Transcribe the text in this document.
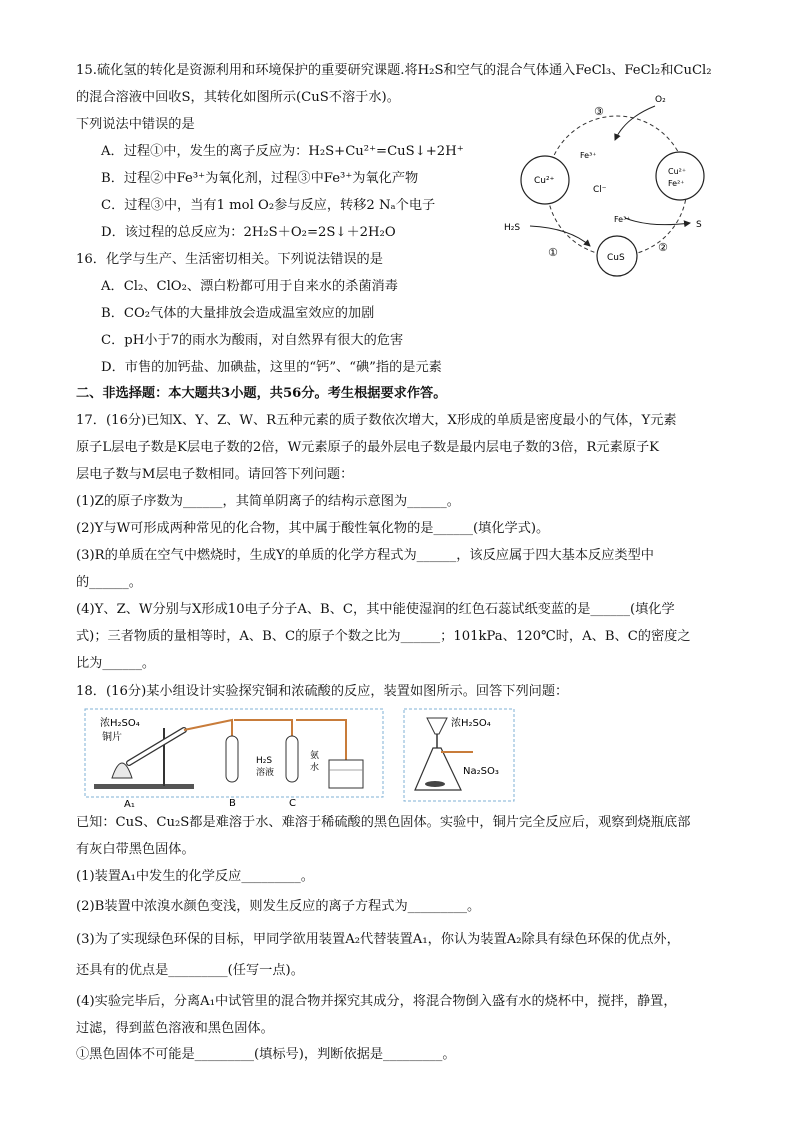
15.硫化氢的转化是资源利用和环境保护的重要研究课题.将H₂S和空气的混合气体通入FeCl₃、FeCl₂和CuCl₂
的混合溶液中回收S，其转化如图所示(CuS不溶于水)。
下列说法中错误的是
A．过程①中，发生的离子反应为：H₂S+Cu²⁺=CuS↓+2H⁺
B．过程②中Fe³⁺为氧化剂，过程③中Fe³⁺为氧化产物
C．过程③中，当有1 mol O₂参与反应，转移2 Nₐ个电子
D．该过程的总反应为：2H₂S＋O₂=2S↓＋2H₂O
O₂
③
Fe³⁺
Cu²⁺
Cl⁻
Cu²⁺
Fe²⁺
H₂S
①
Fe³⁺
②
S
CuS
16．化学与生产、生活密切相关。下列说法错误的是
A．Cl₂、ClO₂、漂白粉都可用于自来水的杀菌消毒
B．CO₂气体的大量排放会造成温室效应的加剧
C．pH小于7的雨水为酸雨，对自然界有很大的危害
D．市售的加钙盐、加碘盐，这里的“钙”、“碘”指的是元素
二、非选择题：本大题共3小题，共56分。考生根据要求作答。
17．(16分)已知X、Y、Z、W、R五种元素的质子数依次增大，X形成的单质是密度最小的气体，Y元素
原子L层电子数是K层电子数的2倍，W元素原子的最外层电子数是最内层电子数的3倍，R元素原子K
层电子数与M层电子数相同。请回答下列问题：
(1)Z的原子序数为______，其简单阴离子的结构示意图为______。
(2)Y与W可形成两种常见的化合物，其中属于酸性氧化物的是______(填化学式)。
(3)R的单质在空气中燃烧时，生成Y的单质的化学方程式为______，该反应属于四大基本反应类型中
的______。
(4)Y、Z、W分别与X形成10电子分子A、B、C，其中能使湿润的红色石蕊试纸变蓝的是______(填化学
式)；三者物质的量相等时，A、B、C的原子个数之比为______；101kPa、120℃时，A、B、C的密度之
比为______。
18．(16分)某小组设计实验探究铜和浓硫酸的反应，装置如图所示。回答下列问题：
浓H₂SO₄
铜片
H₂S
溶液
氨
水
A₁	B	C
浓H₂SO₄
Na₂SO₃
已知：CuS、Cu₂S都是难溶于水、难溶于稀硫酸的黑色固体。实验中，铜片完全反应后，观察到烧瓶底部
有灰白带黑色固体。
(1)装置A₁中发生的化学反应_________。
(2)B装置中浓溴水颜色变浅，则发生反应的离子方程式为_________。
(3)为了实现绿色环保的目标，甲同学欲用装置A₂代替装置A₁，你认为装置A₂除具有绿色环保的优点外，
还具有的优点是_________(任写一点)。
(4)实验完毕后，分离A₁中试管里的混合物并探究其成分，将混合物倒入盛有水的烧杯中，搅拌，静置，
过滤，得到蓝色溶液和黑色固体。
①黑色固体不可能是_________(填标号)，判断依据是_________。
